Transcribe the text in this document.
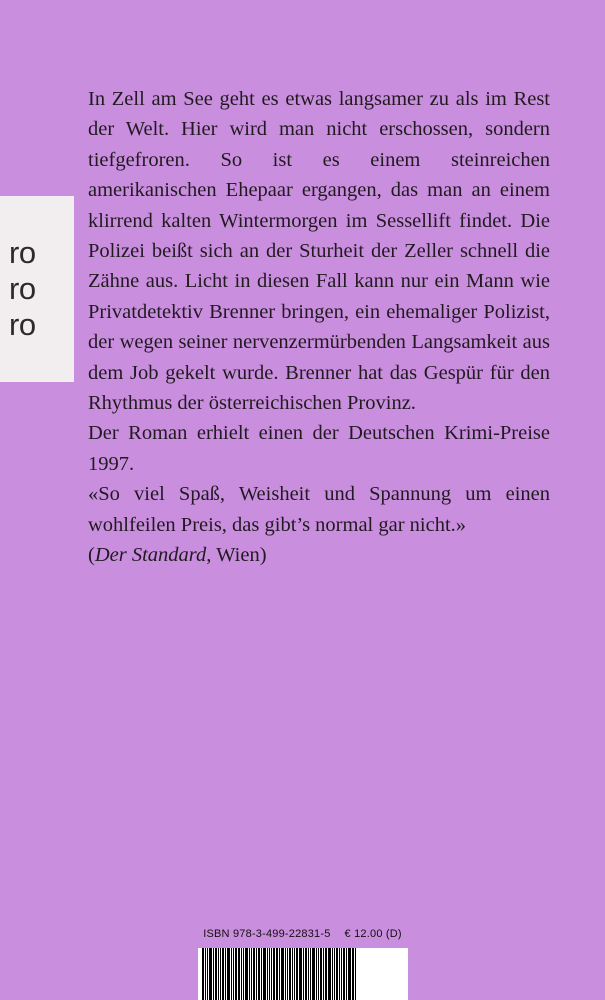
ro
ro
ro

In Zell am See geht es etwas langsamer zu als im Rest der Welt. Hier wird man nicht erschossen, sondern tiefgefroren. So ist es einem steinreichen amerikanischen Ehepaar ergangen, das man an einem klirrend kalten Wintermorgen im Sessellift findet. Die Polizei beißt sich an der Sturheit der Zeller schnell die Zähne aus. Licht in diesen Fall kann nur ein Mann wie Privatdetektiv Brenner bringen, ein ehemaliger Polizist, der wegen seiner nervenzermürbenden Langsamkeit aus dem Job gekelt wurde. Brenner hat das Gespür für den Rhythmus der österreichischen Provinz.

Der Roman erhielt einen der Deutschen Krimi-Preise 1997.

«So viel Spaß, Weisheit und Spannung um einen wohlfeilen Preis, das gibt’s normal gar nicht.»

(Der Standard, Wien)

ISBN 978-3-499-22831-5 € 12.00 (D)
